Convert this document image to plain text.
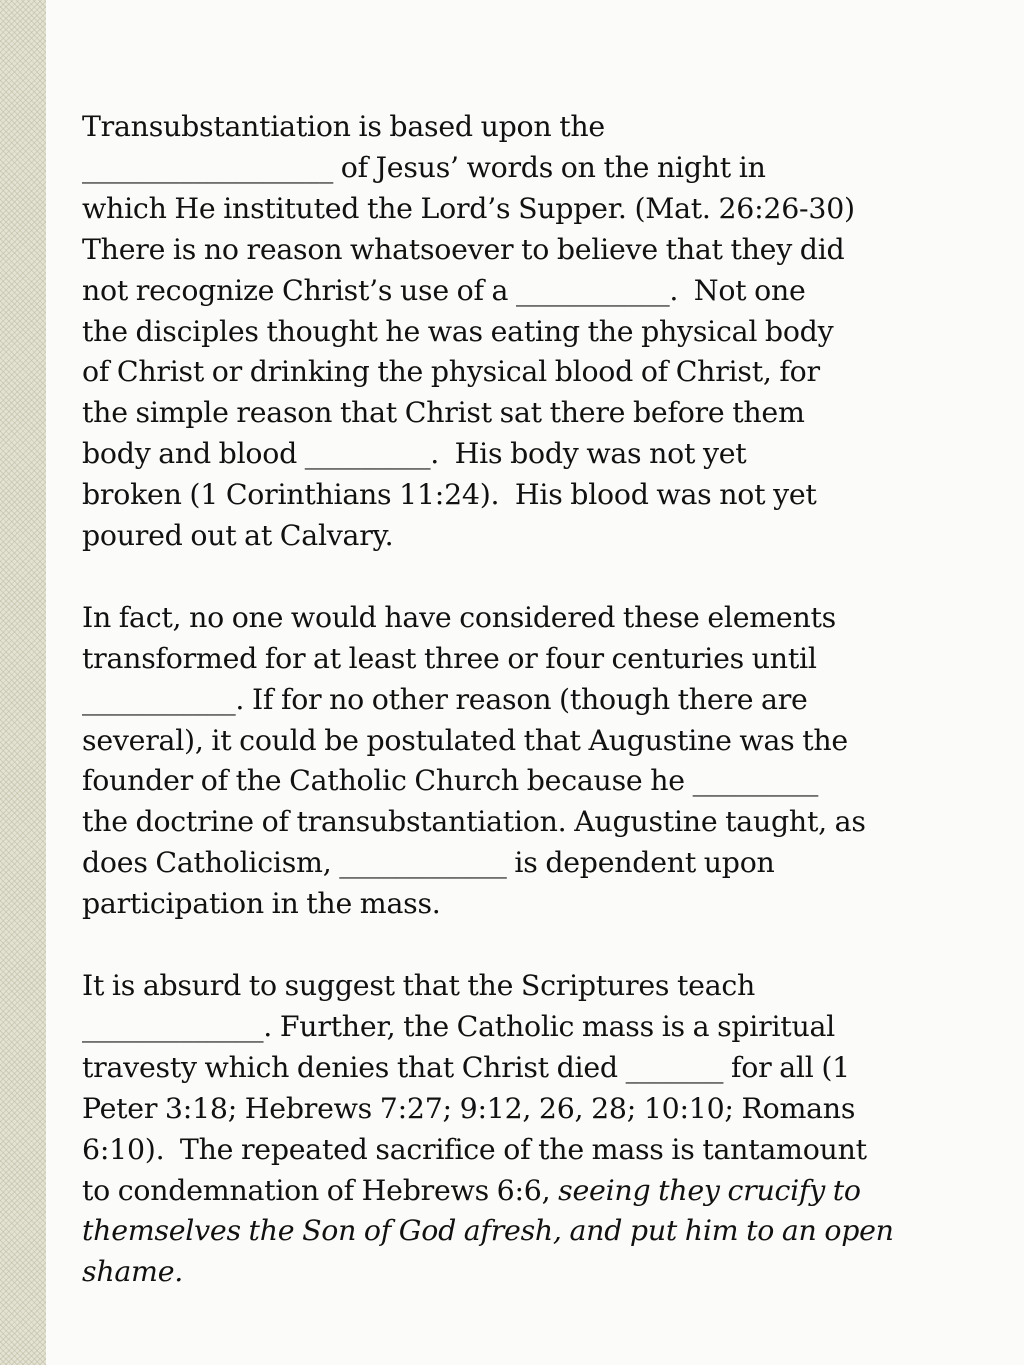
Transubstantiation is based upon the
__________________ of Jesus’ words on the night in
which He instituted the Lord’s Supper. (Mat. 26:26-30)
There is no reason whatsoever to believe that they did
not recognize Christ’s use of a ___________.  Not one
the disciples thought he was eating the physical body
of Christ or drinking the physical blood of Christ, for
the simple reason that Christ sat there before them
body and blood _________.  His body was not yet
broken (1 Corinthians 11:24).  His blood was not yet
poured out at Calvary.

In fact, no one would have considered these elements
transformed for at least three or four centuries until
___________. If for no other reason (though there are
several), it could be postulated that Augustine was the
founder of the Catholic Church because he _________
the doctrine of transubstantiation. Augustine taught, as
does Catholicism, ____________ is dependent upon
participation in the mass.

It is absurd to suggest that the Scriptures teach
_____________. Further, the Catholic mass is a spiritual
travesty which denies that Christ died _______ for all (1
Peter 3:18; Hebrews 7:27; 9:12, 26, 28; 10:10; Romans
6:10).  The repeated sacrifice of the mass is tantamount
to condemnation of Hebrews 6:6, seeing they crucify to
themselves the Son of God afresh, and put him to an open
shame.
